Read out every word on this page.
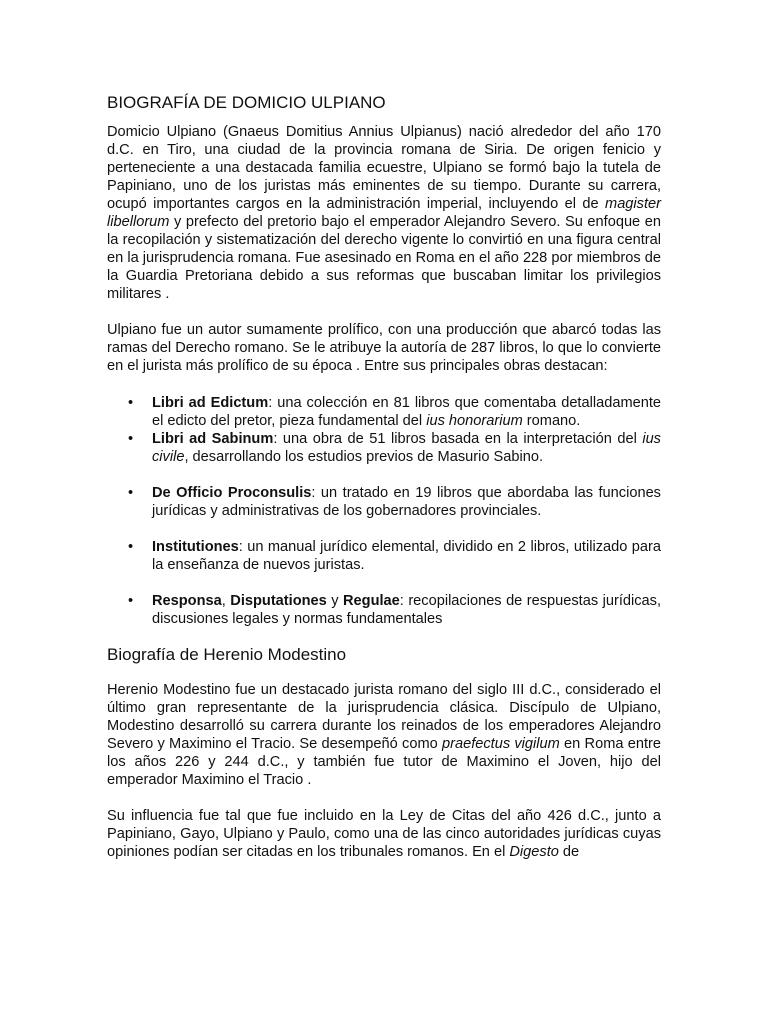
BIOGRAFÍA DE DOMICIO ULPIANO

Domicio Ulpiano (Gnaeus Domitius Annius Ulpianus) nació alrededor del año 170 d.C. en Tiro, una ciudad de la provincia romana de Siria. De origen fenicio y perteneciente a una destacada familia ecuestre, Ulpiano se formó bajo la tutela de Papiniano, uno de los juristas más eminentes de su tiempo. Durante su carrera, ocupó importantes cargos en la administración imperial, incluyendo el de magister libellorum y prefecto del pretorio bajo el emperador Alejandro Severo. Su enfoque en la recopilación y sistematización del derecho vigente lo convirtió en una figura central en la jurisprudencia romana. Fue asesinado en Roma en el año 228 por miembros de la Guardia Pretoriana debido a sus reformas que buscaban limitar los privilegios militares .

Ulpiano fue un autor sumamente prolífico, con una producción que abarcó todas las ramas del Derecho romano. Se le atribuye la autoría de 287 libros, lo que lo convierte en el jurista más prolífico de su época . Entre sus principales obras destacan:

• Libri ad Edictum: una colección en 81 libros que comentaba detalladamente el edicto del pretor, pieza fundamental del ius honorarium romano.
• Libri ad Sabinum: una obra de 51 libros basada en la interpretación del ius civile, desarrollando los estudios previos de Masurio Sabino.
• De Officio Proconsulis: un tratado en 19 libros que abordaba las funciones jurídicas y administrativas de los gobernadores provinciales.
• Institutiones: un manual jurídico elemental, dividido en 2 libros, utilizado para la enseñanza de nuevos juristas.
• Responsa, Disputationes y Regulae: recopilaciones de respuestas jurídicas, discusiones legales y normas fundamentales
Biografía de Herenio Modestino

Herenio Modestino fue un destacado jurista romano del siglo III d.C., considerado el último gran representante de la jurisprudencia clásica. Discípulo de Ulpiano, Modestino desarrolló su carrera durante los reinados de los emperadores Alejandro Severo y Maximino el Tracio. Se desempeñó como praefectus vigilum en Roma entre los años 226 y 244 d.C., y también fue tutor de Maximino el Joven, hijo del emperador Maximino el Tracio .

Su influencia fue tal que fue incluido en la Ley de Citas del año 426 d.C., junto a Papiniano, Gayo, Ulpiano y Paulo, como una de las cinco autoridades jurídicas cuyas opiniones podían ser citadas en los tribunales romanos. En el Digesto de
